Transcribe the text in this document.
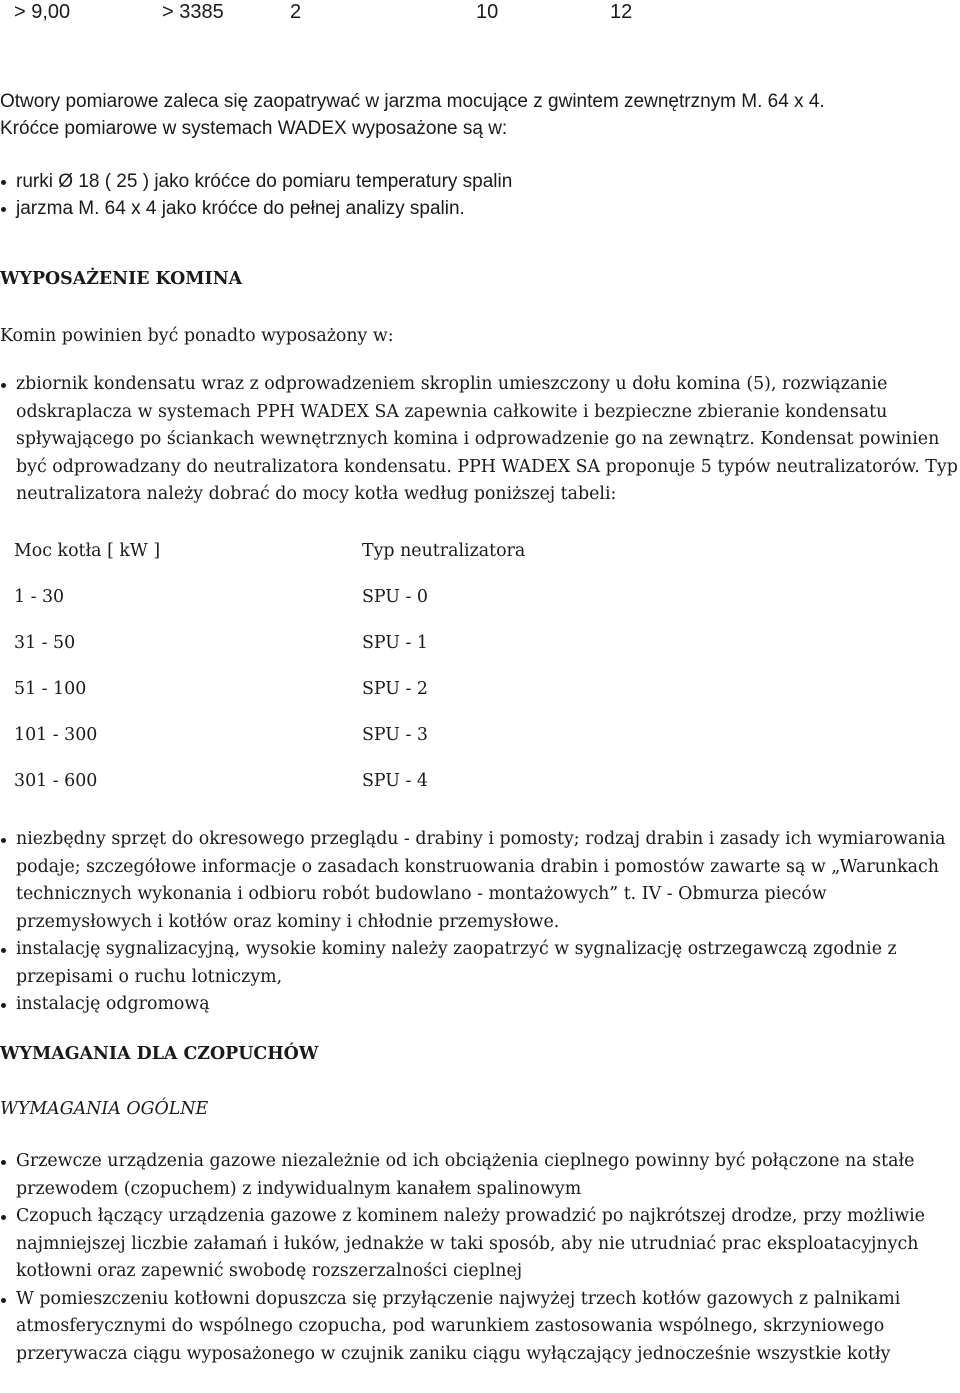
> 9,00	> 3385	2	10	12

Otwory pomiarowe zaleca się zaopatrywać w jarzma mocujące z gwintem zewnętrznym M. 64 x 4.

Króćce pomiarowe w systemach WADEX wyposażone są w:

rurki Ø 18 ( 25 ) jako króćce do pomiaru temperatury spalin
jarzma M. 64 x 4 jako króćce do pełnej analizy spalin.
WYPOSAŻENIE KOMINA

Komin powinien być ponadto wyposażony w:

zbiornik kondensatu wraz z odprowadzeniem skroplin umieszczony u dołu komina (5), rozwiązanie odskraplacza w systemach PPH WADEX SA zapewnia całkowite i bezpieczne zbieranie kondensatu spływającego po ściankach wewnętrznych komina i odprowadzenie go na zewnątrz. Kondensat powinien być odprowadzany do neutralizatora kondensatu. PPH WADEX SA proponuje 5 typów neutralizatorów. Typ neutralizatora należy dobrać do mocy kotła według poniższej tabeli:
Moc kotła [ kW ]	Typ neutralizatora
1 - 30	SPU - 0
31 - 50	SPU - 1
51 - 100	SPU - 2
101 - 300	SPU - 3
301 - 600	SPU - 4
niezbędny sprzęt do okresowego przeglądu - drabiny i pomosty; rodzaj drabin i zasady ich wymiarowania podaje; szczegółowe informacje o zasadach konstruowania drabin i pomostów zawarte są w „Warunkach technicznych wykonania i odbioru robót budowlano - montażowych” t. IV - Obmurza pieców przemysłowych i kotłów oraz kominy i chłodnie przemysłowe.
instalację sygnalizacyjną, wysokie kominy należy zaopatrzyć w sygnalizację ostrzegawczą zgodnie z przepisami o ruchu lotniczym,
instalację odgromową
WYMAGANIA DLA CZOPUCHÓW

WYMAGANIA OGÓLNE

Grzewcze urządzenia gazowe niezależnie od ich obciążenia cieplnego powinny być połączone na stałe przewodem (czopuchem) z indywidualnym kanałem spalinowym
Czopuch łączący urządzenia gazowe z kominem należy prowadzić po najkrótszej drodze, przy możliwie najmniejszej liczbie załamań i łuków, jednakże w taki sposób, aby nie utrudniać prac eksploatacyjnych kotłowni oraz zapewnić swobodę rozszerzalności cieplnej
W pomieszczeniu kotłowni dopuszcza się przyłączenie najwyżej trzech kotłów gazowych z palnikami atmosferycznymi do wspólnego czopucha, pod warunkiem zastosowania wspólnego, skrzyniowego przerywacza ciągu wyposażonego w czujnik zaniku ciągu wyłączający jednocześnie wszystkie kotły
